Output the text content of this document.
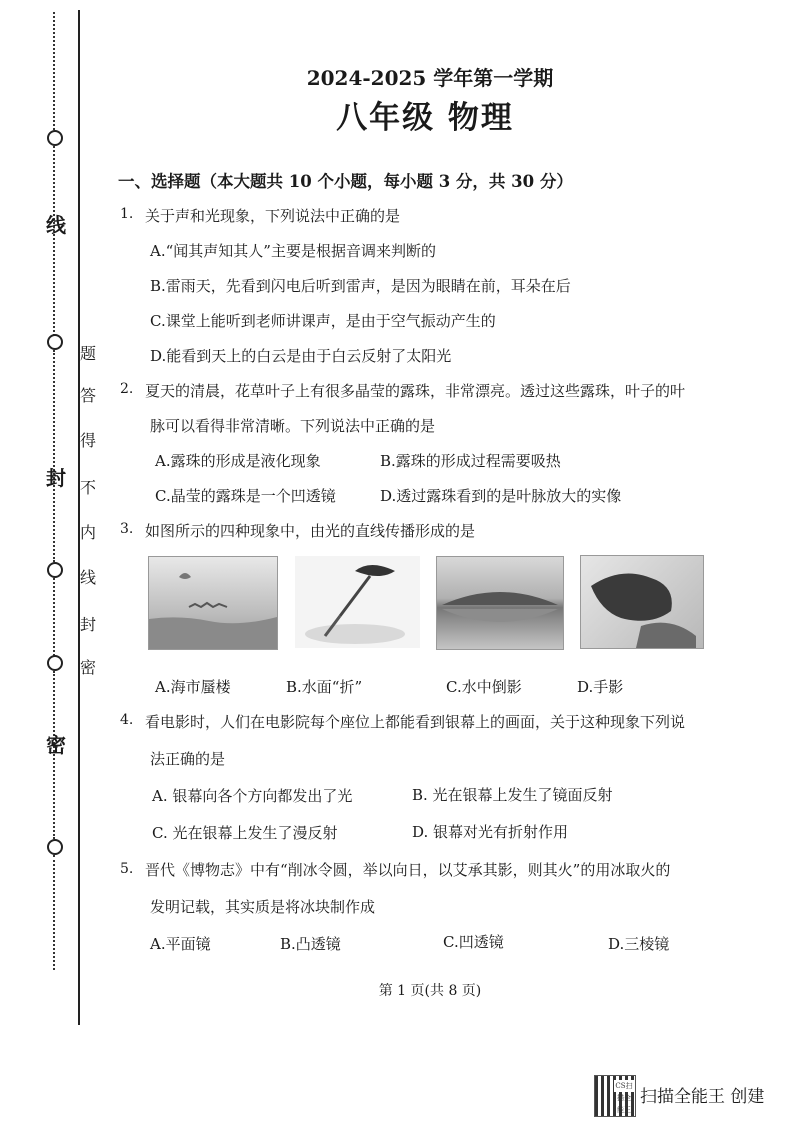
线
封
密
题
答
得
不
内
线
封
密
2024-2025 学年第一学期
八年级 物理
一、选择题（本大题共 10 个小题，每小题 3 分，共 30 分）
1. 关于声和光现象，下列说法中正确的是
A.“闻其声知其人”主要是根据音调来判断的
B.雷雨天，先看到闪电后听到雷声，是因为眼睛在前，耳朵在后
C.课堂上能听到老师讲课声，是由于空气振动产生的
D.能看到天上的白云是由于白云反射了太阳光
2. 夏天的清晨，花草叶子上有很多晶莹的露珠，非常漂亮。透过这些露珠，叶子的叶
脉可以看得非常清晰。下列说法中正确的是
A.露珠的形成是液化现象	B.露珠的形成过程需要吸热
C.晶莹的露珠是一个凹透镜	D.透过露珠看到的是叶脉放大的实像
3. 如图所示的四种现象中，由光的直线传播形成的是
A.海市蜃楼	B.水面“折”	C.水中倒影	D.手影
4. 看电影时，人们在电影院每个座位上都能看到银幕上的画面，关于这种现象下列说
法正确的是
A. 银幕向各个方向都发出了光	B. 光在银幕上发生了镜面反射
C. 光在银幕上发生了漫反射	D. 银幕对光有折射作用
5. 晋代《博物志》中有“削冰令圆，举以向日，以艾承其影，则其火”的用冰取火的
发明记载，其实质是将冰块制作成
A.平面镜	B.凸透镜	C.凹透镜	D.三棱镜
第 1 页(共 8 页)
CS扫描全能王
扫描全能王 创建
